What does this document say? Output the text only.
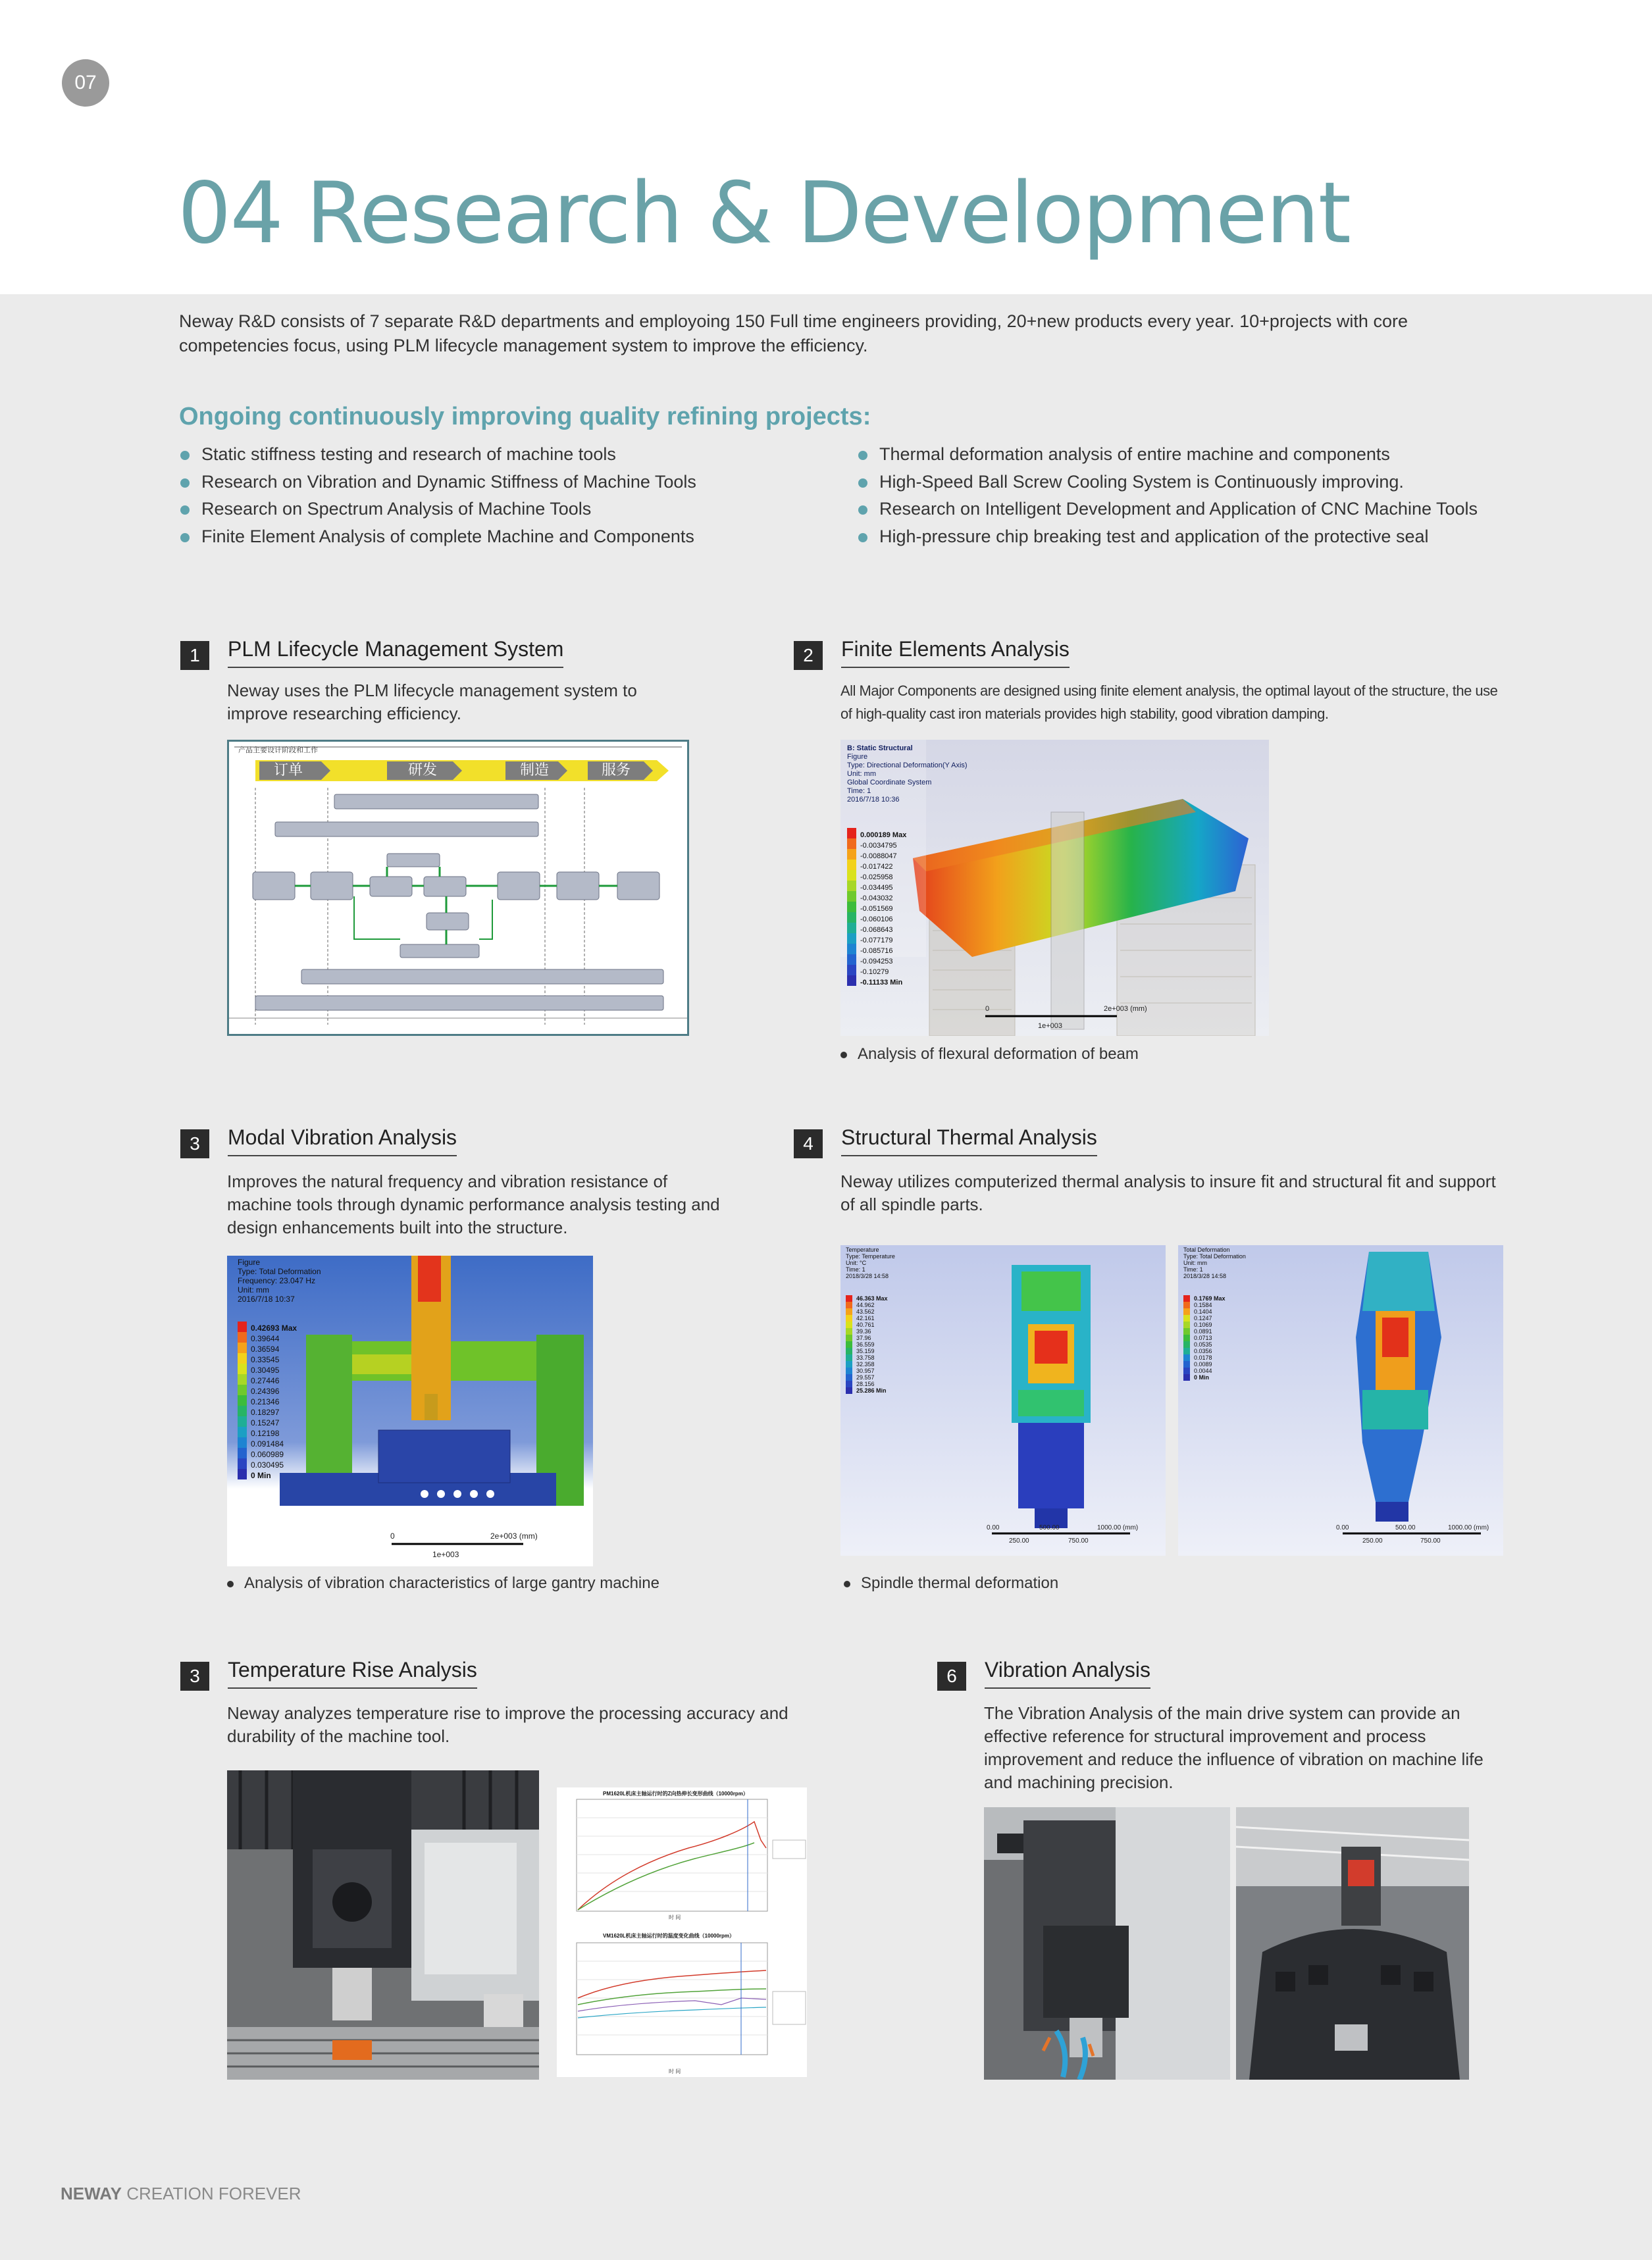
07
04 Research & Development

Neway R&D consists of 7 separate R&D departments and employoing 150 Full time engineers providing, 20+new products every year. 10+projects with core competencies focus, using PLM lifecycle management system to improve the efficiency.

Ongoing continuously improving quality refining projects:
Static stiffness testing and research of machine tools
Research on Vibration and Dynamic Stiffness of Machine Tools
Research on Spectrum Analysis of Machine Tools
Finite Element Analysis of complete Machine and Components
Thermal deformation analysis of entire machine and components
High-Speed Ball Screw Cooling System is Continuously improving.
Research on Intelligent Development and Application of CNC Machine Tools
High-pressure chip breaking test and application of the protective seal
1	PLM Lifecycle Management System

Neway uses the PLM lifecycle management system to improve researching efficiency.

产品主要设计阶段和工作
订单	研发	制造	服务
2	Finite Elements Analysis

All Major Components are designed using finite element analysis, the optimal layout of the structure, the use of high-quality cast iron materials provides high stability, good vibration damping.

B: Static Structural
Figure
Type: Directional Deformation(Y Axis)
Unit: mm
Global Coordinate System
Time: 1
2016/7/18 10:36
0.000189 Max
-0.0034795
-0.0088047
-0.017422
-0.025958
-0.034495
-0.043032
-0.051569
-0.060106
-0.068643
-0.077179
-0.085716
-0.094253
-0.10279
-0.11133 Min
0	2e+003 (mm)
1e+003
Analysis of flexural deformation of beam
3	Modal Vibration Analysis

Improves the natural frequency and vibration resistance of machine tools through dynamic performance analysis testing and design enhancements built into the structure.

Figure
Type: Total Deformation
Frequency: 23.047 Hz
Unit: mm
2016/7/18 10:37
0.42693 Max
0.39644
0.36594
0.33545
0.30495
0.27446
0.24396
0.21346
0.18297
0.15247
0.12198
0.091484
0.060989
0.030495
0 Min
0	2e+003 (mm)
1e+003
Analysis of vibration characteristics of large gantry machine
4	Structural Thermal Analysis

Neway utilizes computerized thermal analysis to insure fit and structural fit and support of all spindle parts.

Temperature
Type: Temperature
Unit: °C
Time: 1
2018/3/28 14:58
46.363 Max
44.962
43.562
42.161
40.761
39.36
37.96
36.559
35.159
33.758
32.358
30.957
29.557
28.156
25.286 Min
0.00	500.00	1000.00 (mm)
250.00	750.00
Total Deformation
Type: Total Deformation
Unit: mm
Time: 1
2018/3/28 14:58
0.1769 Max
0.1584
0.1404
0.1247
0.1069
0.0891
0.0713
0.0535
0.0356
0.0178
0.0089
0.0044
0 Min
0.00	500.00	1000.00 (mm)
250.00	750.00
Spindle thermal deformation
3	Temperature Rise Analysis

Neway analyzes temperature rise to improve the processing accuracy and durability of the machine tool.

PM1620L机床主轴运行时的Z向热伸长变形曲线（10000rpm）
时 间
VM1620L机床主轴运行时的温度变化曲线（10000rpm）
时 间
6	Vibration Analysis

The Vibration Analysis of the main drive system can provide an effective reference for structural improvement and process improvement and reduce the influence of vibration on machine life and machining precision.

NEWAY CREATION FOREVER
